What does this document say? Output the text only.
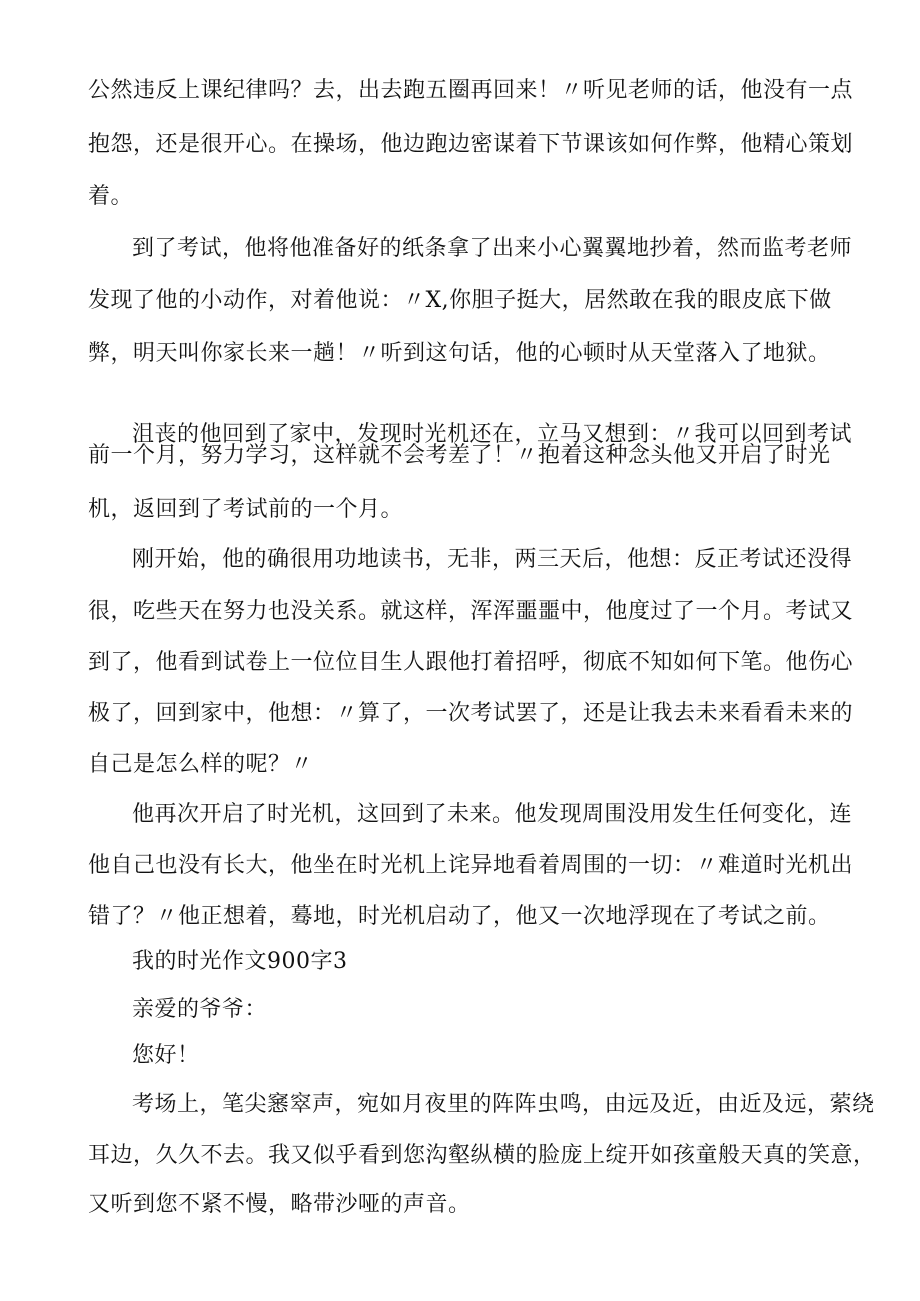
公然违反上课纪律吗？去，出去跑五圈再回来！〃听见老师的话，他没有一点
抱怨，还是很开心。在操场，他边跑边密谋着下节课该如何作弊，他精心策划
着。
到了考试，他将他准备好的纸条拿了出来小心翼翼地抄着，然而监考老师
发现了他的小动作，对着他说：〃X,你胆子挺大，居然敢在我的眼皮底下做
弊，明天叫你家长来一趟！〃听到这句话，他的心顿时从天堂落入了地狱。
沮丧的他回到了家中，发现时光机还在，立马又想到：〃我可以回到考试
前一个月，努力学习，这样就不会考差了！〃抱着这种念头他又开启了时光
机，返回到了考试前的一个月。
刚开始，他的确很用功地读书，无非，两三天后，他想：反正考试还没得
很，吃些天在努力也没关系。就这样，浑浑噩噩中，他度过了一个月。考试又
到了，他看到试卷上一位位目生人跟他打着招呼，彻底不知如何下笔。他伤心
极了，回到家中，他想：〃算了，一次考试罢了，还是让我去未来看看未来的
自己是怎么样的呢？〃
他再次开启了时光机，这回到了未来。他发现周围没用发生任何变化，连
他自己也没有长大，他坐在时光机上诧异地看着周围的一切：〃难道时光机出
错了？〃他正想着，蓦地，时光机启动了，他又一次地浮现在了考试之前。
我的时光作文900字3
亲爱的爷爷：
您好！
考场上，笔尖窸窣声，宛如月夜里的阵阵虫鸣，由远及近，由近及远，萦绕
耳边，久久不去。我又似乎看到您沟壑纵横的脸庞上绽开如孩童般天真的笑意，
又听到您不紧不慢，略带沙哑的声音。
